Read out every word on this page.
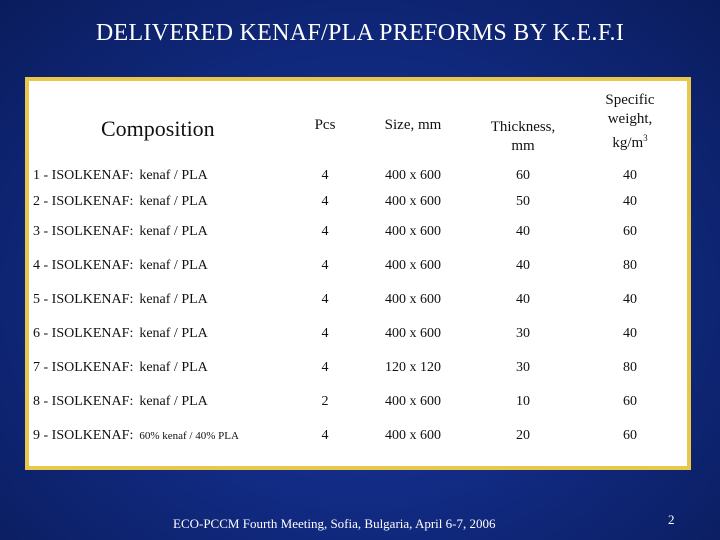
DELIVERED KENAF/PLA PREFORMS BY K.E.F.I
Composition	Pcs	Size, mm	Thickness, mm	Specific
weight,
$kg/m^3$
1 - ISOLKENAF: kenaf / PLA	4	400 x 600	60	40
2 - ISOLKENAF: kenaf / PLA	4	400 x 600	50	40
3 - ISOLKENAF: kenaf / PLA	4	400 x 600	40	60
4 - ISOLKENAF: kenaf / PLA	4	400 x 600	40	80
5 - ISOLKENAF: kenaf / PLA	4	400 x 600	40	40
6 - ISOLKENAF: kenaf / PLA	4	400 x 600	30	40
7 - ISOLKENAF: kenaf / PLA	4	120 x 120	30	80
8 - ISOLKENAF: kenaf / PLA	2	400 x 600	10	60
9 - ISOLKENAF: 60% kenaf / 40% PLA	4	400 x 600	20	60
ECO-PCCM Fourth Meeting, Sofia, Bulgaria, April 6-7, 2006	2
